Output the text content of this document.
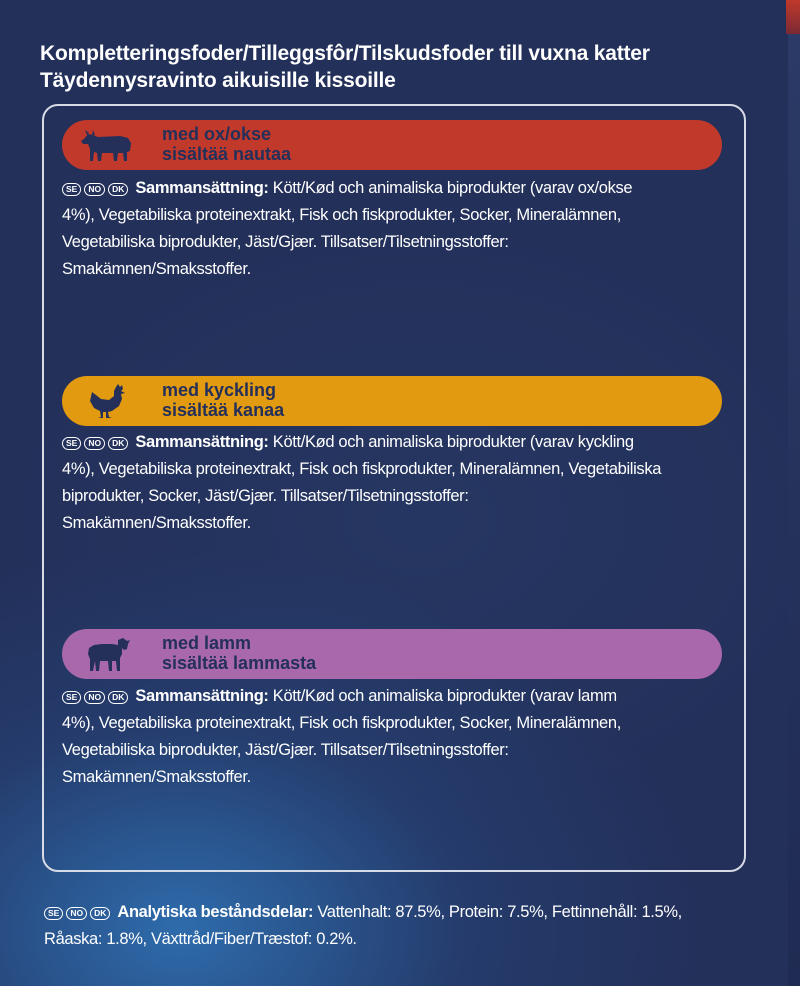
Kompletteringsfoder/Tilleggsfôr/Tilskudsfoder till vuxna katter
Täydennysravinto aikuisille kissoille
med ox/okse
sisältää nautaa
SE NO DK Sammansättning: Kött/Kød och animaliska biprodukter (varav ox/okse
4%), Vegetabiliska proteinextrakt, Fisk och fiskprodukter, Socker, Mineralämnen,
Vegetabiliska biprodukter, Jäst/Gjær. Tillsatser/Tilsetningsstoffer:
Smakämnen/Smaksstoffer.
med kyckling
sisältää kanaa
SE NO DK Sammansättning: Kött/Kød och animaliska biprodukter (varav kyckling
4%), Vegetabiliska proteinextrakt, Fisk och fiskprodukter, Mineralämnen, Vegetabiliska
biprodukter, Socker, Jäst/Gjær. Tillsatser/Tilsetningsstoffer:
Smakämnen/Smaksstoffer.
med lamm
sisältää lammasta
SE NO DK Sammansättning: Kött/Kød och animaliska biprodukter (varav lamm
4%), Vegetabiliska proteinextrakt, Fisk och fiskprodukter, Socker, Mineralämnen,
Vegetabiliska biprodukter, Jäst/Gjær. Tillsatser/Tilsetningsstoffer:
Smakämnen/Smaksstoffer.
SE NO DK Analytiska beståndsdelar: Vattenhalt: 87.5%, Protein: 7.5%, Fettinnehåll: 1.5%,
Råaska: 1.8%, Växttråd/Fiber/Træstof: 0.2%.
